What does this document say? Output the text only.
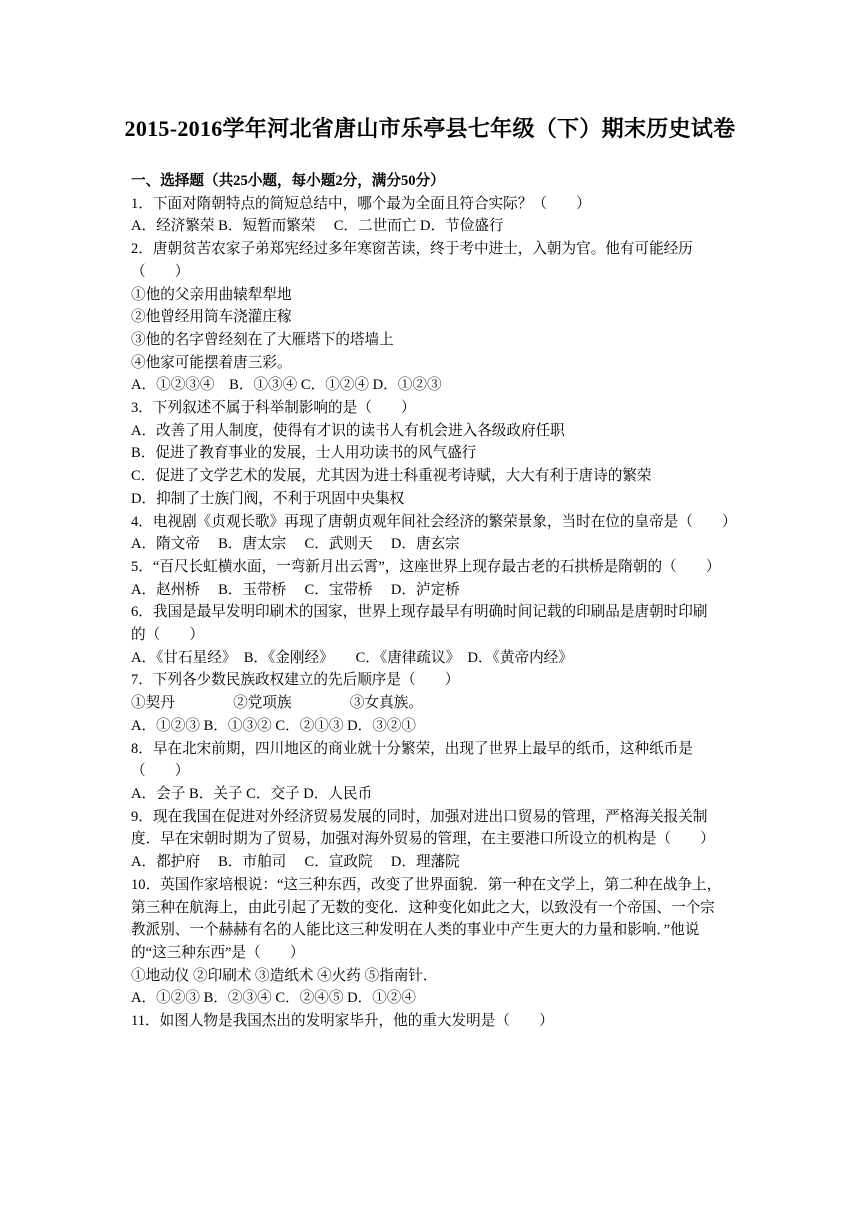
2015-2016学年河北省唐山市乐亭县七年级（下）期末历史试卷
一、选择题（共25小题，每小题2分，满分50分）
1．下面对隋朝特点的简短总结中，哪个最为全面且符合实际？（　　）
A．经济繁荣 B．短暂而繁荣　 C．二世而亡 D．节俭盛行
2．唐朝贫苦农家子弟郑宪经过多年寒窗苦读，终于考中进士，入朝为官。他有可能经历
（　　）
①他的父亲用曲辕犁犁地
②他曾经用筒车浇灌庄稼
③他的名字曾经刻在了大雁塔下的塔墙上
④他家可能摆着唐三彩。
A．①②③④　B．①③④ C．①②④ D．①②③
3．下列叙述不属于科举制影响的是（　　）
A．改善了用人制度，使得有才识的读书人有机会进入各级政府任职
B．促进了教育事业的发展，士人用功读书的风气盛行
C．促进了文学艺术的发展，尤其因为进士科重视考诗赋，大大有利于唐诗的繁荣
D．抑制了士族门阀，不利于巩固中央集权
4．电视剧《贞观长歌》再现了唐朝贞观年间社会经济的繁荣景象，当时在位的皇帝是（　　）
A．隋文帝　 B．唐太宗　 C．武则天　 D．唐玄宗
5．“百尺长虹横水面，一弯新月出云霄”，这座世界上现存最古老的石拱桥是隋朝的（　　）
A．赵州桥　 B．玉带桥　 C．宝带桥　 D．泸定桥
6．我国是最早发明印刷术的国家，世界上现存最早有明确时间记载的印刷品是唐朝时印刷
的（　　）
A．《甘石星经》　B．《金刚经》　　C．《唐律疏议》　D．《黄帝内经》
7．下列各少数民族政权建立的先后顺序是（　　）
①契丹　　　　②党项族　　　　③女真族。
A．①②③ B．①③② C．②①③ D．③②①
8．早在北宋前期，四川地区的商业就十分繁荣，出现了世界上最早的纸币，这种纸币是
（　　）
A．会子 B．关子 C．交子 D．人民币
9．现在我国在促进对外经济贸易发展的同时，加强对进出口贸易的管理，严格海关报关制
度．早在宋朝时期为了贸易，加强对海外贸易的管理，在主要港口所设立的机构是（　　）
A．都护府　 B．市舶司　 C．宣政院　 D．理藩院
10．英国作家培根说：“这三种东西，改变了世界面貌．第一种在文学上，第二种在战争上，
第三种在航海上，由此引起了无数的变化．这种变化如此之大，以致没有一个帝国、一个宗
教派别、一个赫赫有名的人能比这三种发明在人类的事业中产生更大的力量和影响．”他说
的“这三种东西”是（　　）
①地动仪 ②印刷术 ③造纸术 ④火药 ⑤指南针．
A．①②③ B．②③④ C．②④⑤ D．①②④
11．如图人物是我国杰出的发明家毕升，他的重大发明是（　　）
